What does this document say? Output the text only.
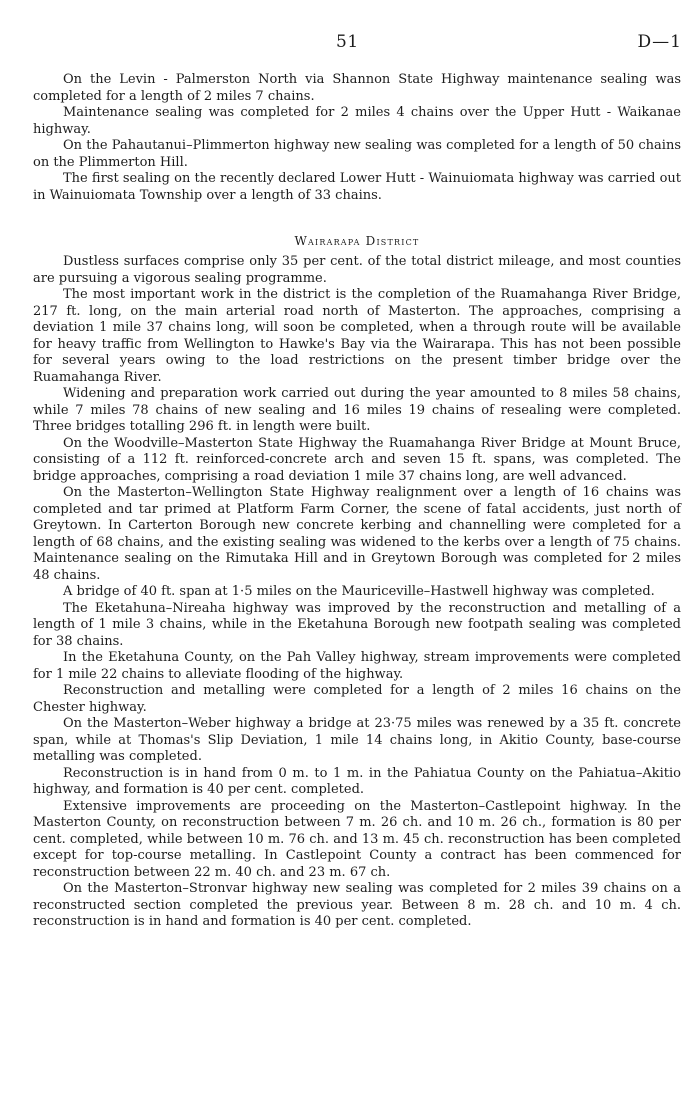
51	D—1

On the Levin - Palmerston North via Shannon State Highway maintenance sealing was completed for a length of 2 miles 7 chains.

Maintenance sealing was completed for 2 miles 4 chains over the Upper Hutt - Waikanae highway.

On the Pahautanui–Plimmerton highway new sealing was completed for a length of 50 chains on the Plimmerton Hill.

The first sealing on the recently declared Lower Hutt - Wainuiomata highway was carried out in Wainuiomata Township over a length of 33 chains.

Wairarapa District

Dustless surfaces comprise only 35 per cent. of the total district mileage, and most counties are pursuing a vigorous sealing programme.

The most important work in the district is the completion of the Ruamahanga River Bridge, 217 ft. long, on the main arterial road north of Masterton. The approaches, comprising a deviation 1 mile 37 chains long, will soon be completed, when a through route will be available for heavy traffic from Wellington to Hawke's Bay via the Wairarapa. This has not been possible for several years owing to the load restrictions on the present timber bridge over the Ruamahanga River.

Widening and preparation work carried out during the year amounted to 8 miles 58 chains, while 7 miles 78 chains of new sealing and 16 miles 19 chains of resealing were completed. Three bridges totalling 296 ft. in length were built.

On the Woodville–Masterton State Highway the Ruamahanga River Bridge at Mount Bruce, consisting of a 112 ft. reinforced-concrete arch and seven 15 ft. spans, was completed. The bridge approaches, comprising a road deviation 1 mile 37 chains long, are well advanced.

On the Masterton–Wellington State Highway realignment over a length of 16 chains was completed and tar primed at Platform Farm Corner, the scene of fatal accidents, just north of Greytown. In Carterton Borough new concrete kerbing and channelling were completed for a length of 68 chains, and the existing sealing was widened to the kerbs over a length of 75 chains. Maintenance sealing on the Rimutaka Hill and in Greytown Borough was completed for 2 miles 48 chains.

A bridge of 40 ft. span at 1·5 miles on the Mauriceville–Hastwell highway was completed.

The Eketahuna–Nireaha highway was improved by the reconstruction and metalling of a length of 1 mile 3 chains, while in the Eketahuna Borough new footpath sealing was completed for 38 chains.

In the Eketahuna County, on the Pah Valley highway, stream improvements were completed for 1 mile 22 chains to alleviate flooding of the highway.

Reconstruction and metalling were completed for a length of 2 miles 16 chains on the Chester highway.

On the Masterton–Weber highway a bridge at 23·75 miles was renewed by a 35 ft. concrete span, while at Thomas's Slip Deviation, 1 mile 14 chains long, in Akitio County, base-course metalling was completed.

Reconstruction is in hand from 0 m. to 1 m. in the Pahiatua County on the Pahiatua–Akitio highway, and formation is 40 per cent. completed.

Extensive improvements are proceeding on the Masterton–Castlepoint highway. In the Masterton County, on reconstruction between 7 m. 26 ch. and 10 m. 26 ch., formation is 80 per cent. completed, while between 10 m. 76 ch. and 13 m. 45 ch. reconstruction has been completed except for top-course metalling. In Castlepoint County a contract has been commenced for reconstruction between 22 m. 40 ch. and 23 m. 67 ch.

On the Masterton–Stronvar highway new sealing was completed for 2 miles 39 chains on a reconstructed section completed the previous year. Between 8 m. 28 ch. and 10 m. 4 ch. reconstruction is in hand and formation is 40 per cent. completed.
